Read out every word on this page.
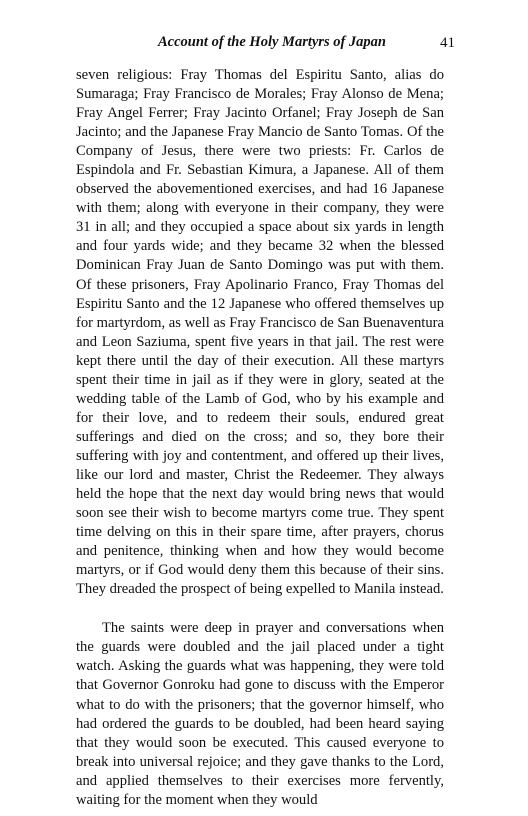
Account of the Holy Martyrs of Japan	41

seven religious: Fray Thomas del Espiritu Santo, alias do Sumaraga; Fray Francisco de Morales; Fray Alonso de Mena; Fray Angel Ferrer; Fray Jacinto Orfanel; Fray Joseph de San Jacinto; and the Japanese Fray Mancio de Santo Tomas. Of the Company of Jesus, there were two priests: Fr. Carlos de Espindola and Fr. Sebastian Kimura, a Japanese. All of them observed the abovementioned exercises, and had 16 Japanese with them; along with everyone in their company, they were 31 in all; and they occupied a space about six yards in length and four yards wide; and they became 32 when the blessed Dominican Fray Juan de Santo Domingo was put with them. Of these prisoners, Fray Apolinario Franco, Fray Thomas del Espiritu Santo and the 12 Japanese who offered themselves up for martyrdom, as well as Fray Francisco de San Buenaventura and Leon Saziuma, spent five years in that jail. The rest were kept there until the day of their execution. All these martyrs spent their time in jail as if they were in glory, seated at the wedding table of the Lamb of God, who by his example and for their love, and to redeem their souls, endured great sufferings and died on the cross; and so, they bore their suffering with joy and contentment, and offered up their lives, like our lord and master, Christ the Redeemer. They always held the hope that the next day would bring news that would soon see their wish to become martyrs come true. They spent time delving on this in their spare time, after prayers, chorus and penitence, thinking when and how they would become martyrs, or if God would deny them this because of their sins. They dreaded the prospect of being expelled to Manila instead.

The saints were deep in prayer and conversations when the guards were doubled and the jail placed under a tight watch. Asking the guards what was happening, they were told that Governor Gonroku had gone to discuss with the Emperor what to do with the prisoners; that the governor himself, who had ordered the guards to be doubled, had been heard saying that they would soon be executed. This caused everyone to break into universal rejoice; and they gave thanks to the Lord, and applied themselves to their exercises more fervently, waiting for the moment when they would
